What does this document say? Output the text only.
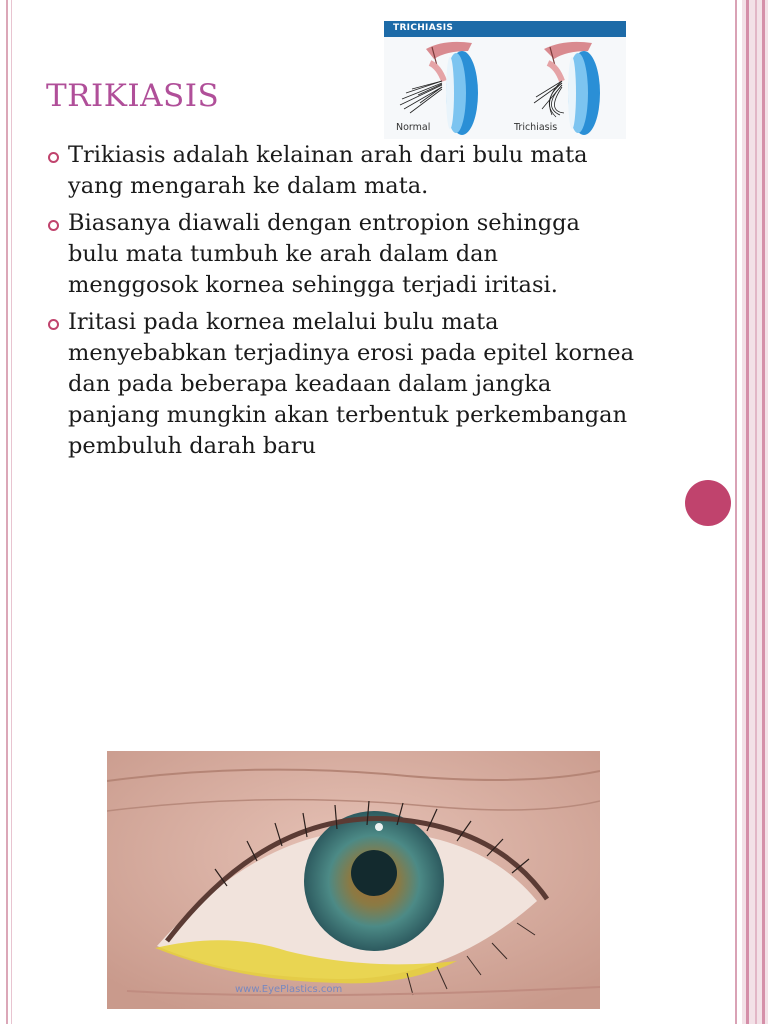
TRIKIASIS
TRICHIASIS
Normal	Trichiasis
Trikiasis adalah kelainan arah dari bulu mata
yang mengarah ke dalam mata.
Biasanya diawali dengan entropion sehingga
bulu mata tumbuh ke arah dalam dan
menggosok kornea sehingga terjadi iritasi.
Iritasi pada kornea melalui bulu mata
menyebabkan terjadinya erosi pada epitel kornea
dan pada beberapa keadaan dalam jangka
panjang mungkin akan terbentuk perkembangan
pembuluh darah baru
www.EyePlastics.com
